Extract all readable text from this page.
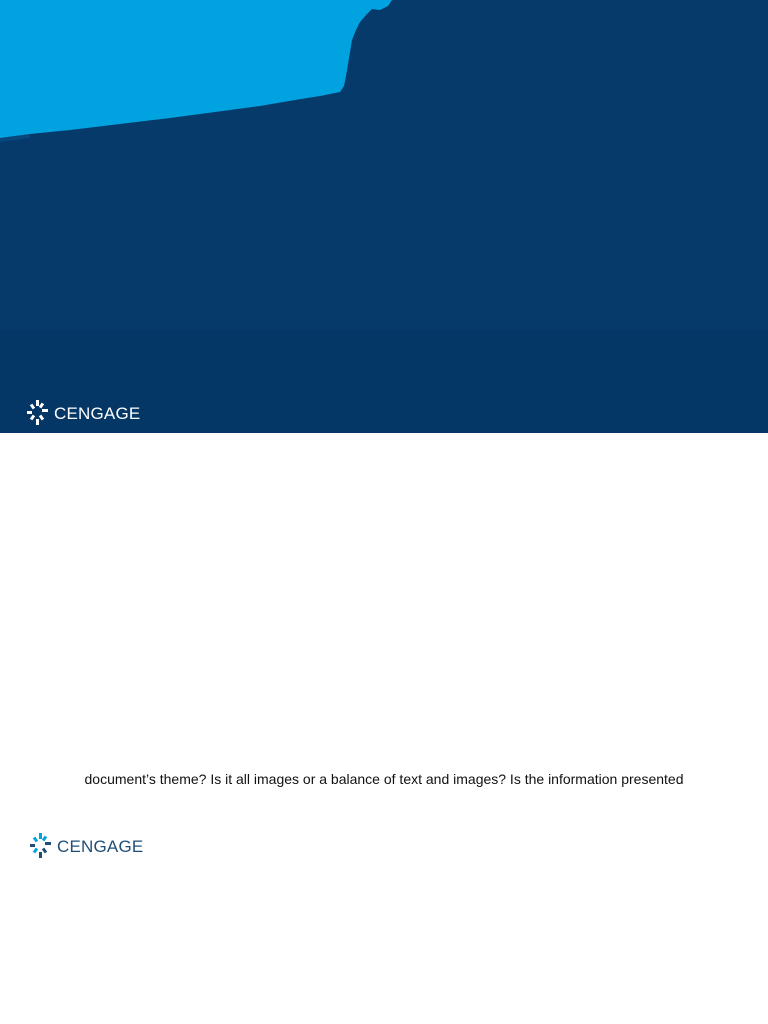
CENGAGE
document’s theme? Is it all images or a balance of text and images? Is the information presented
CENGAGE
